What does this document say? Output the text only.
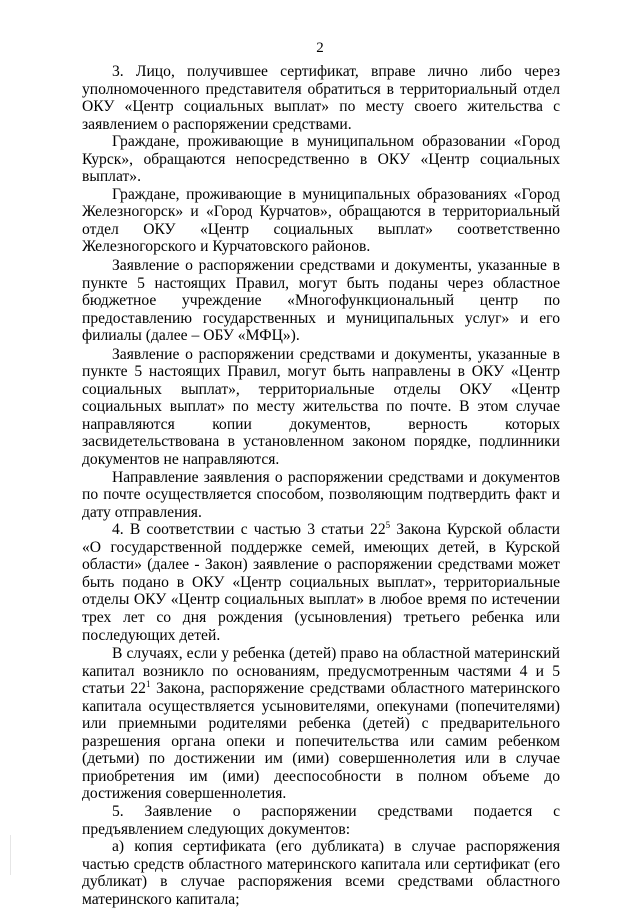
2

3. Лицо, получившее сертификат, вправе лично либо через уполномоченного представителя обратиться в территориальный отдел ОКУ «Центр социальных выплат» по месту своего жительства с заявлением о распоряжении средствами.

Граждане, проживающие в муниципальном образовании «Город Курск», обращаются непосредственно в ОКУ «Центр социальных выплат».

Граждане, проживающие в муниципальных образованиях «Город Железногорск» и «Город Курчатов», обращаются в территориальный отдел ОКУ «Центр социальных выплат» соответственно Железногорского и Курчатовского районов.

Заявление о распоряжении средствами и документы, указанные в пункте 5 настоящих Правил, могут быть поданы через областное бюджетное учреждение «Многофункциональный центр по предоставлению государственных и муниципальных услуг» и его филиалы (далее – ОБУ «МФЦ»).

Заявление о распоряжении средствами и документы, указанные в пункте 5 настоящих Правил, могут быть направлены в ОКУ «Центр социальных выплат», территориальные отделы ОКУ «Центр социальных выплат» по месту жительства по почте. В этом случае направляются копии документов, верность которых засвидетельствована в установленном законом порядке, подлинники документов не направляются.

Направление заявления о распоряжении средствами и документов по почте осуществляется способом, позволяющим подтвердить факт и дату отправления.

4. В соответствии с частью 3 статьи $22^5$ Закона Курской области «О государственной поддержке семей, имеющих детей, в Курской области» (далее - Закон) заявление о распоряжении средствами может быть подано в ОКУ «Центр социальных выплат», территориальные отделы ОКУ «Центр социальных выплат» в любое время по истечении трех лет со дня рождения (усыновления) третьего ребенка или последующих детей.

В случаях, если у ребенка (детей) право на областной материнский капитал возникло по основаниям, предусмотренным частями 4 и 5 статьи $22^1$ Закона, распоряжение средствами областного материнского капитала осуществляется усыновителями, опекунами (попечителями) или приемными родителями ребенка (детей) с предварительного разрешения органа опеки и попечительства или самим ребенком (детьми) по достижении им (ими) совершеннолетия или в случае приобретения им (ими) дееспособности в полном объеме до достижения совершеннолетия.

5. Заявление о распоряжении средствами подается с предъявлением следующих документов:

а) копия сертификата (его дубликата) в случае распоряжения частью средств областного материнского капитала или сертификат (его дубликат) в случае распоряжения всеми средствами областного материнского капитала;
